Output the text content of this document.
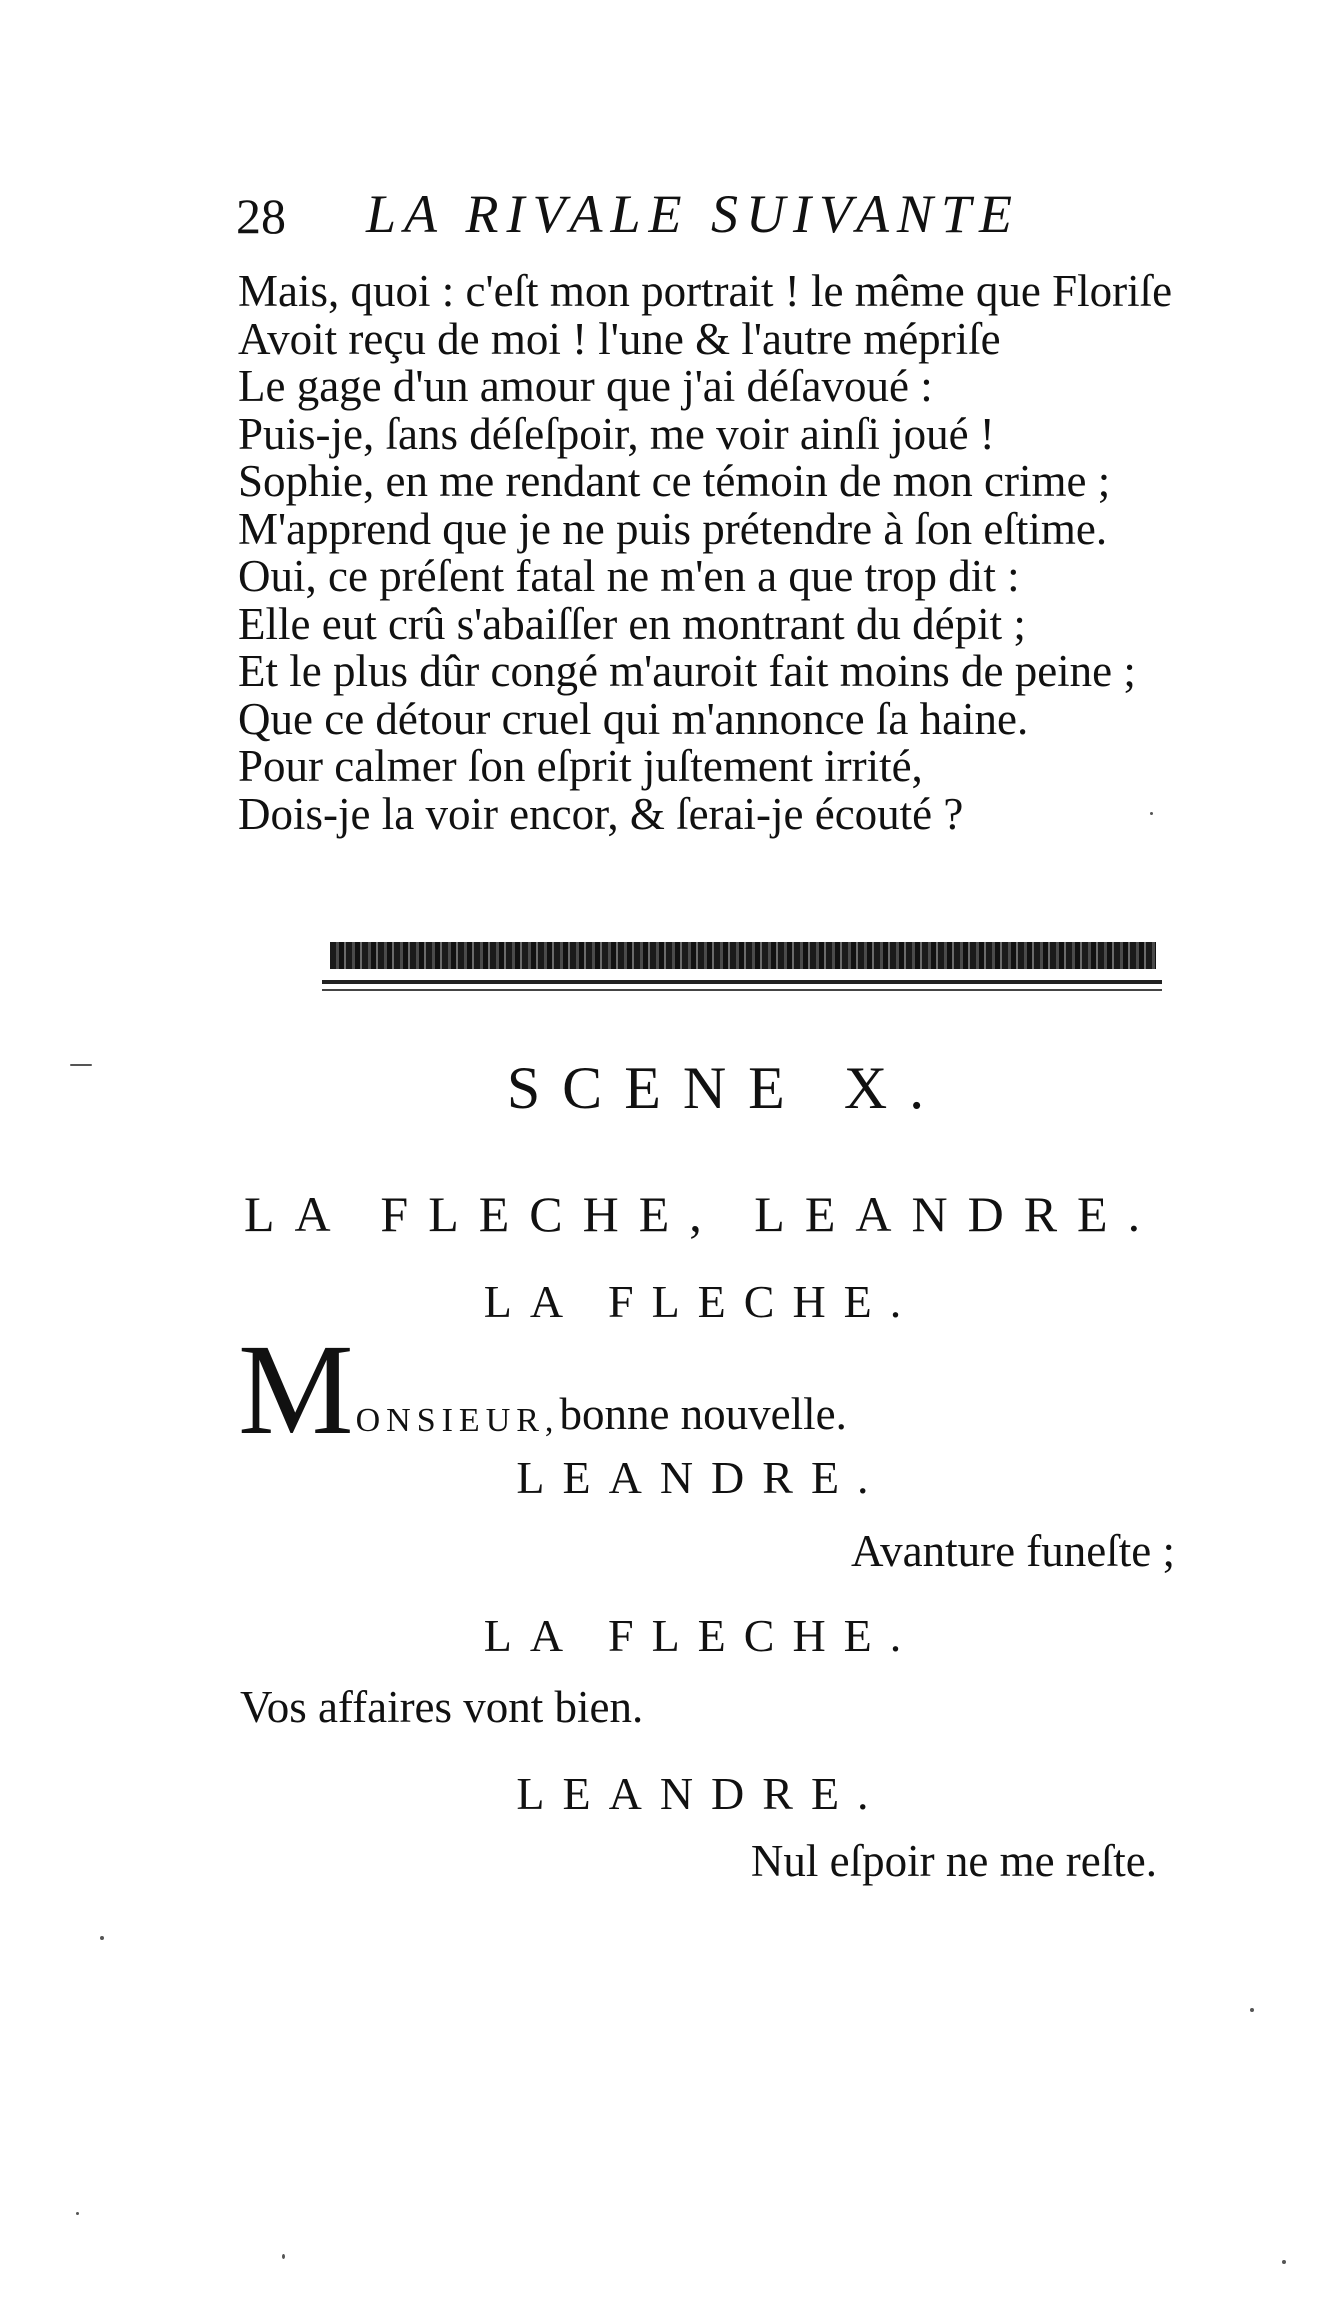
28 LA RIVALE SUIVANTE
Mais, quoi : c'eſt mon portrait ! le même que Floriſe
Avoit reçu de moi ! l'une & l'autre mépriſe
Le gage d'un amour que j'ai déſavoué :
Puis-je, ſans déſeſpoir, me voir ainſi joué !
Sophie, en me rendant ce témoin de mon crime ;
M'apprend que je ne puis prétendre à ſon eſtime.
Oui, ce préſent fatal ne m'en a que trop dit :
Elle eut crû s'abaiſſer en montrant du dépit ;
Et le plus dûr congé m'auroit fait moins de peine ;
Que ce détour cruel qui m'annonce ſa haine.
Pour calmer ſon eſprit juſtement irrité,
Dois-je la voir encor, & ſerai-je écouté ?
SCENE X.
LA FLECHE, LEANDRE.
LA FLECHE.
MONSIEUR,bonne nouvelle.
LEANDRE.
Avanture funeſte ;
LA FLECHE.
Vos affaires vont bien.
LEANDRE.
Nul eſpoir ne me reſte.
